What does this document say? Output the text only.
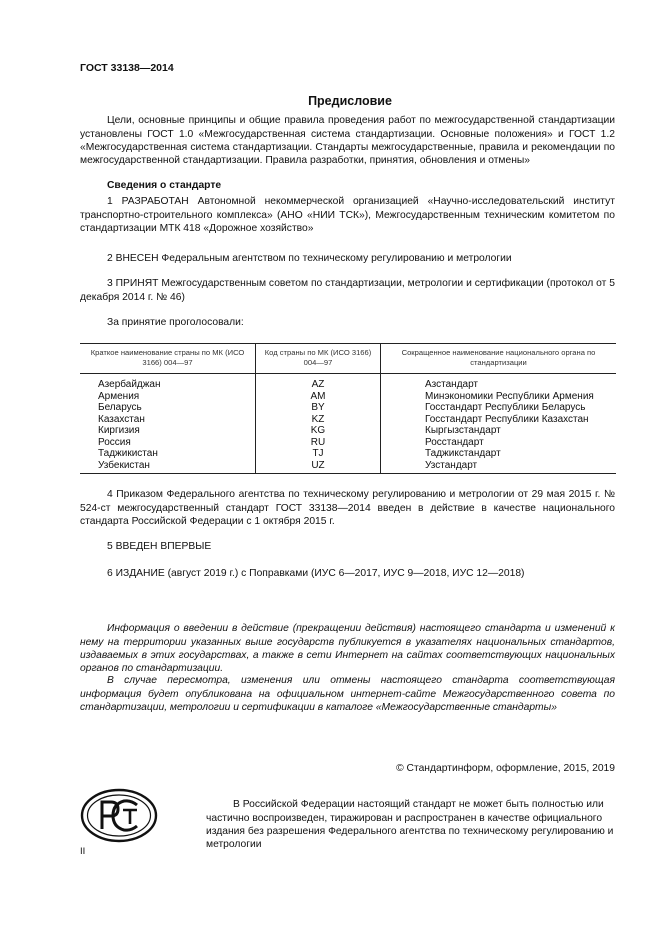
ГОСТ 33138—2014
Предисловие

Цели, основные принципы и общие правила проведения работ по межгосударственной стандартизации установлены ГОСТ 1.0 «Межгосударственная система стандартизации. Основные положения» и ГОСТ 1.2 «Межгосударственная система стандартизации. Стандарты межгосударственные, правила и рекомендации по межгосударственной стандартизации. Правила разработки, принятия, обновления и отмены»

Сведения о стандарте

1 РАЗРАБОТАН Автономной некоммерческой организацией «Научно-исследовательский институт транспортно-строительного комплекса» (АНО «НИИ ТСК»), Межгосударственным техническим комитетом по стандартизации МТК 418 «Дорожное хозяйство»

2 ВНЕСЕН Федеральным агентством по техническому регулированию и метрологии

3 ПРИНЯТ Межгосударственным советом по стандартизации, метрологии и сертификации (протокол от 5 декабря 2014 г. № 46)

За принятие проголосовали:

Краткое наименование страны по МК (ИСО 3166) 004—97	Код страны по МК (ИСО 3166) 004—97	Сокращенное наименование национального органа по стандартизации
Азербайджан	AZ	Азстандарт
Армения	AM	Минэкономики Республики Армения
Беларусь	BY	Госстандарт Республики Беларусь
Казахстан	KZ	Госстандарт Республики Казахстан
Киргизия	KG	Кыргызстандарт
Россия	RU	Росстандарт
Таджикистан	TJ	Таджикстандарт
Узбекистан	UZ	Узстандарт

4 Приказом Федерального агентства по техническому регулированию и метрологии от 29 мая 2015 г. № 524-ст межгосударственный стандарт ГОСТ 33138—2014 введен в действие в качестве национального стандарта Российской Федерации с 1 октября 2015 г.

5 ВВЕДЕН ВПЕРВЫЕ

6 ИЗДАНИЕ (август 2019 г.) с Поправками (ИУС 6—2017, ИУС 9—2018, ИУС 12—2018)

Информация о введении в действие (прекращении действия) настоящего стандарта и изменений к нему на территории указанных выше государств публикуется в указателях национальных стандартов, издаваемых в этих государствах, а также в сети Интернет на сайтах соответствующих национальных органов по стандартизации.

В случае пересмотра, изменения или отмены настоящего стандарта соответствующая информация будет опубликована на официальном интернет-сайте Межгосударственного совета по стандартизации, метрологии и сертификации в каталоге «Межгосударственные стандарты»

© Стандартинформ, оформление, 2015, 2019

В Российской Федерации настоящий стандарт не может быть полностью или частично воспроизведен, тиражирован и распространен в качестве официального издания без разрешения Федерального агентства по техническому регулированию и метрологии

II
